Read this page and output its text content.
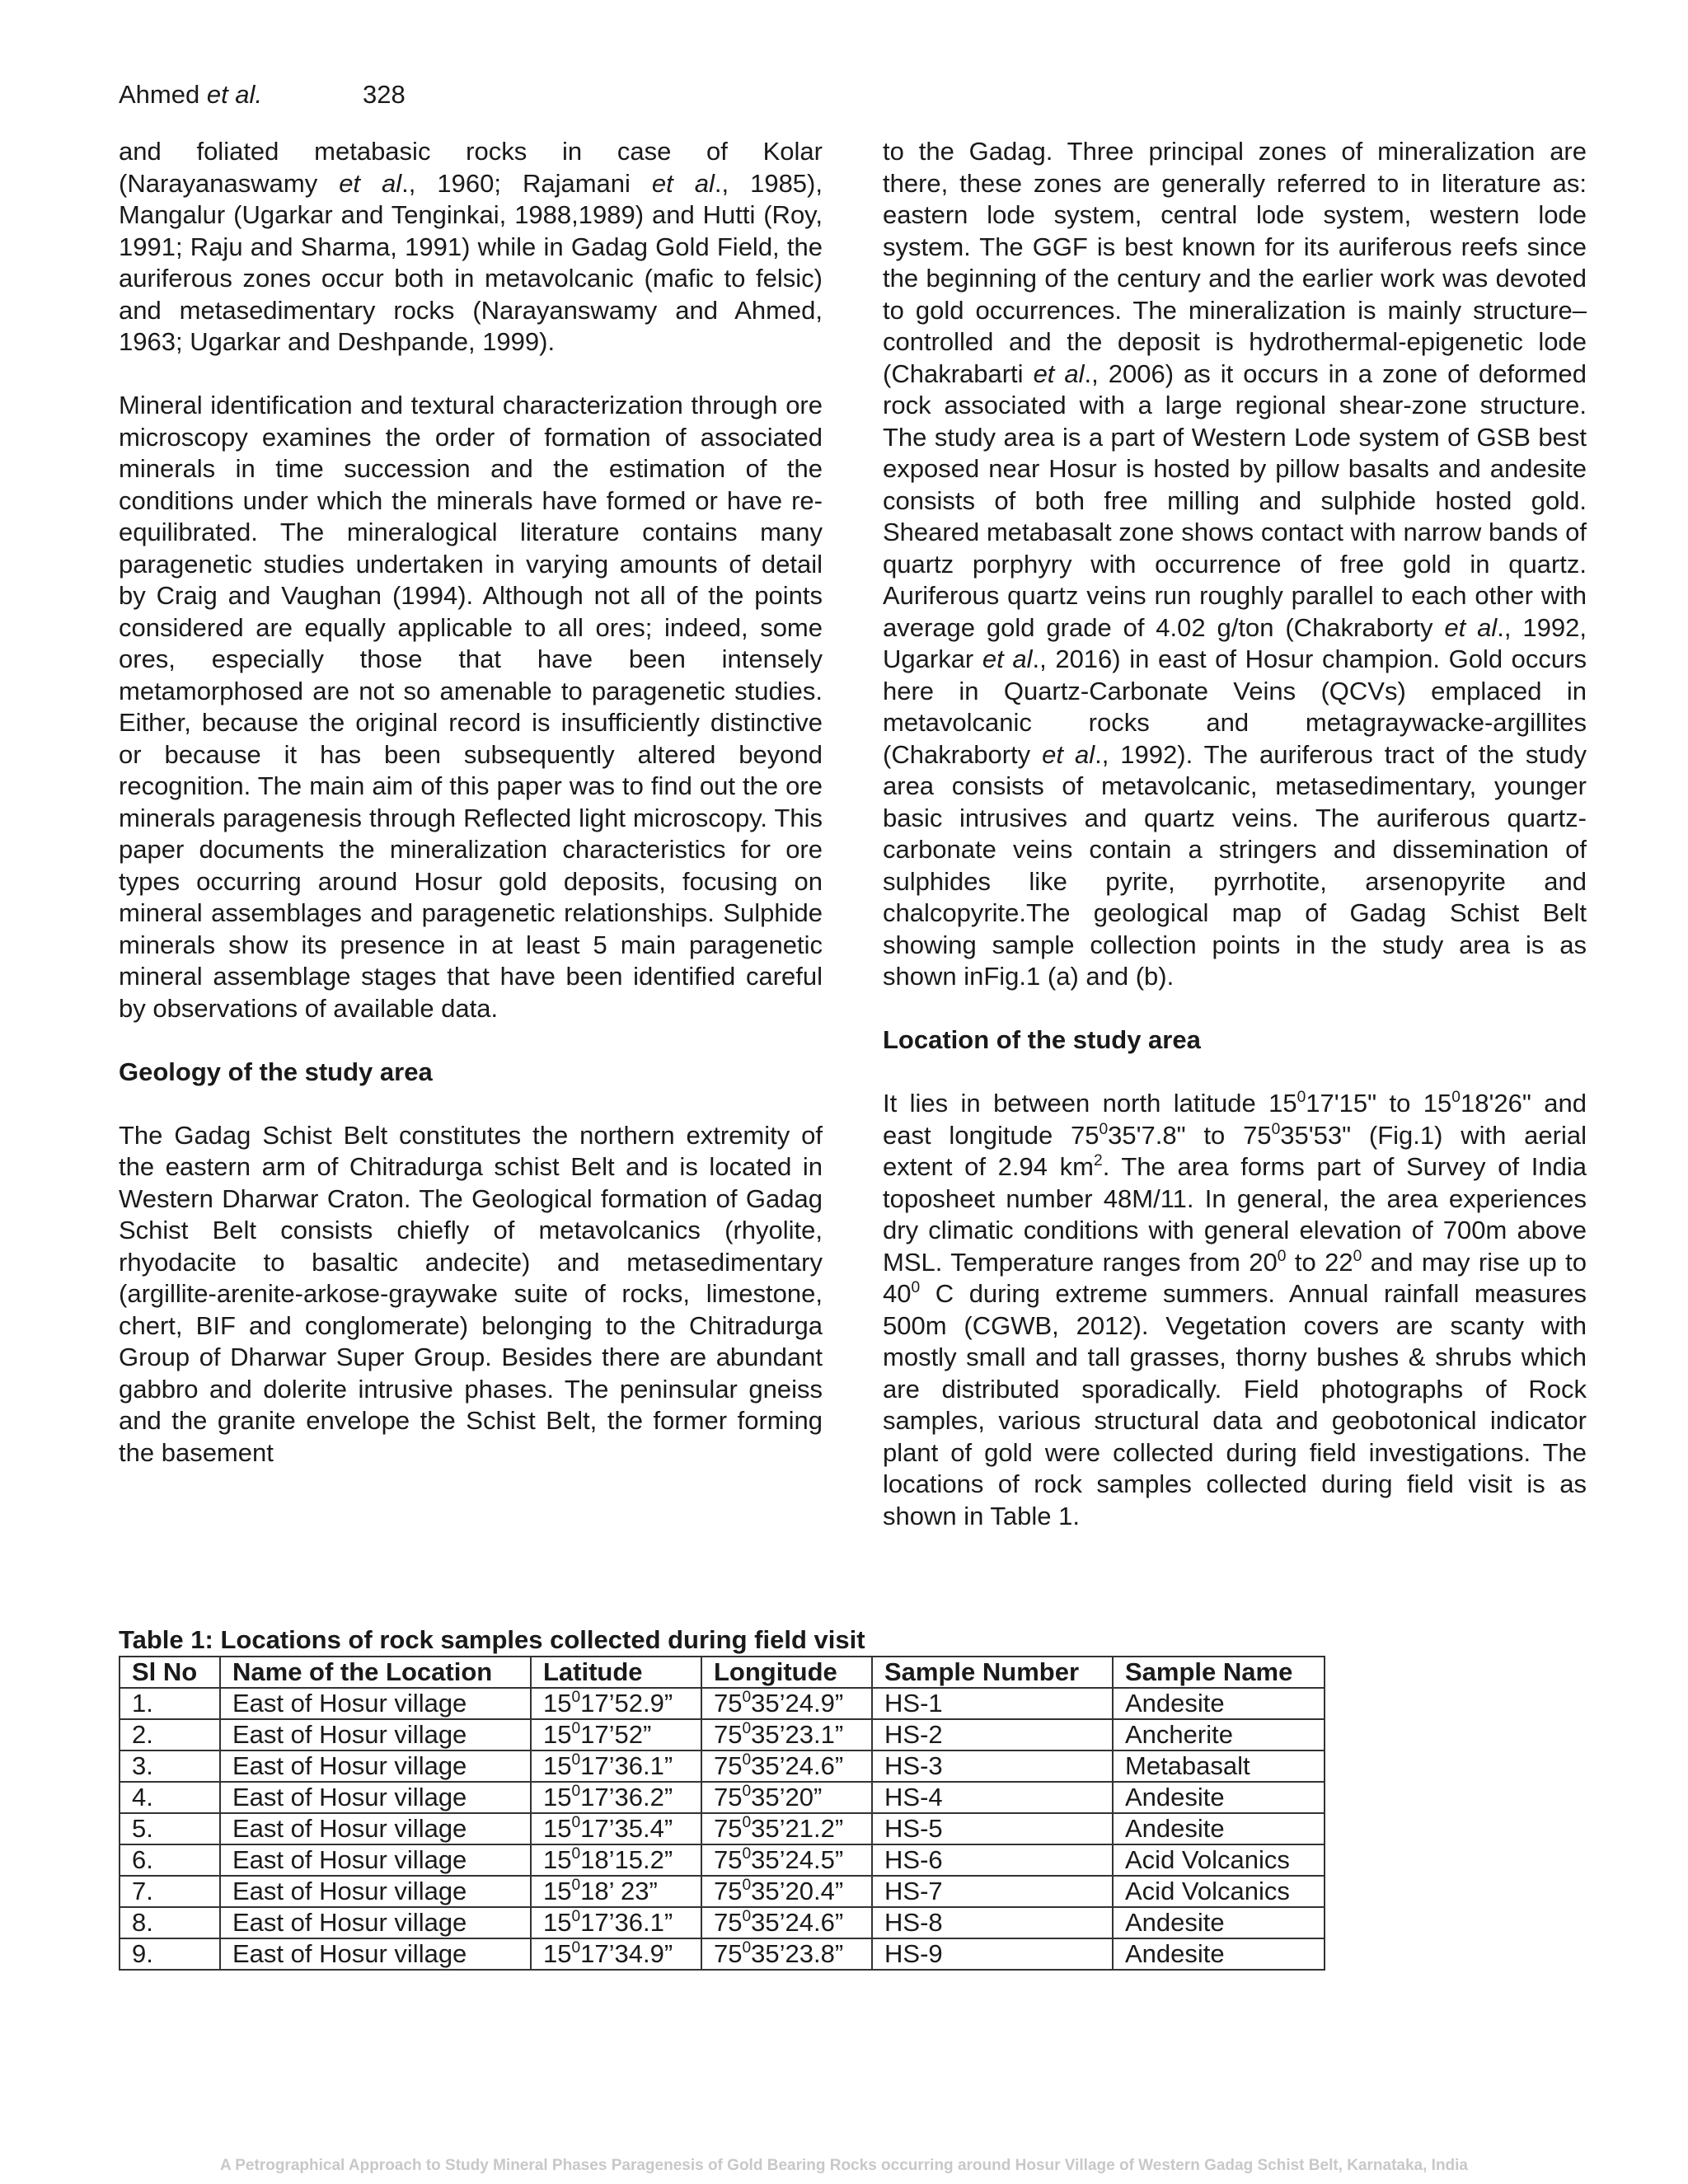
Ahmed et al.	328

and foliated metabasic rocks in case of Kolar (Narayanaswamy et al., 1960; Rajamani et al., 1985), Mangalur (Ugarkar and Tenginkai, 1988,1989) and Hutti (Roy, 1991; Raju and Sharma, 1991) while in Gadag Gold Field, the auriferous zones occur both in metavolcanic (mafic to felsic) and metasedimentary rocks (Narayanswamy and Ahmed, 1963; Ugarkar and Deshpande, 1999).

Mineral identification and textural characterization through ore microscopy examines the order of formation of associated minerals in time succession and the estimation of the conditions under which the minerals have formed or have re-equilibrated. The mineralogical literature contains many paragenetic studies undertaken in varying amounts of detail by Craig and Vaughan (1994). Although not all of the points considered are equally applicable to all ores; indeed, some ores, especially those that have been intensely metamorphosed are not so amenable to paragenetic studies. Either, because the original record is insufficiently distinctive or because it has been subsequently altered beyond recognition. The main aim of this paper was to find out the ore minerals paragenesis through Reflected light microscopy. This paper documents the mineralization characteristics for ore types occurring around Hosur gold deposits, focusing on mineral assemblages and paragenetic relationships. Sulphide minerals show its presence in at least 5 main paragenetic mineral assemblage stages that have been identified careful by observations of available data.

Geology of the study area

The Gadag Schist Belt constitutes the northern extremity of the eastern arm of Chitradurga schist Belt and is located in Western Dharwar Craton. The Geological formation of Gadag Schist Belt consists chiefly of metavolcanics (rhyolite, rhyodacite to basaltic andecite) and metasedimentary (argillite-arenite-arkose-graywake suite of rocks, limestone, chert, BIF and conglomerate) belonging to the Chitradurga Group of Dharwar Super Group. Besides there are abundant gabbro and dolerite intrusive phases. The peninsular gneiss and the granite envelope the Schist Belt, the former forming the basement

to the Gadag. Three principal zones of mineralization are there, these zones are generally referred to in literature as: eastern lode system, central lode system, western lode system. The GGF is best known for its auriferous reefs since the beginning of the century and the earlier work was devoted to gold occurrences. The mineralization is mainly structure–controlled and the deposit is hydrothermal-epigenetic lode (Chakrabarti et al., 2006) as it occurs in a zone of deformed rock associated with a large regional shear-zone structure. The study area is a part of Western Lode system of GSB best exposed near Hosur is hosted by pillow basalts and andesite consists of both free milling and sulphide hosted gold. Sheared metabasalt zone shows contact with narrow bands of quartz porphyry with occurrence of free gold in quartz. Auriferous quartz veins run roughly parallel to each other with average gold grade of 4.02 g/ton (Chakraborty et al., 1992, Ugarkar et al., 2016) in east of Hosur champion. Gold occurs here in Quartz-Carbonate Veins (QCVs) emplaced in metavolcanic rocks and metagraywacke-argillites (Chakraborty et al., 1992). The auriferous tract of the study area consists of metavolcanic, metasedimentary, younger basic intrusives and quartz veins. The auriferous quartz-carbonate veins contain a stringers and dissemination of sulphides like pyrite, pyrrhotite, arsenopyrite and chalcopyrite.The geological map of Gadag Schist Belt showing sample collection points in the study area is as shown inFig.1 (a) and (b).

Location of the study area

It lies in between north latitude $15^017'15$" to $15^018'26$" and east longitude $75^035'7.8$" to $75^035'53$" (Fig.1) with aerial extent of 2.94 $km^2$. The area forms part of Survey of India toposheet number 48M/11. In general, the area experiences dry climatic conditions with general elevation of 700m above MSL. Temperature ranges from $20^0$ to $22^0$ and may rise up to $40^0$ C during extreme summers. Annual rainfall measures 500m (CGWB, 2012). Vegetation covers are scanty with mostly small and tall grasses, thorny bushes & shrubs which are distributed sporadically. Field photographs of Rock samples, various structural data and geobotonical indicator plant of gold were collected during field investigations. The locations of rock samples collected during field visit is as shown in Table 1.

Table 1: Locations of rock samples collected during field visit

Sl No	Name of the Location	Latitude	Longitude	Sample Number	Sample Name
1.	East of Hosur village	$15^017’52.9$”	$75^035’24.9$”	HS-1	Andesite
2.	East of Hosur village	$15^017’52$”	$75^035’23.1$”	HS-2	Ancherite
3.	East of Hosur village	$15^017’36.1$”	$75^035’24.6$”	HS-3	Metabasalt
4.	East of Hosur village	$15^017’36.2$”	$75^035’20$”	HS-4	Andesite
5.	East of Hosur village	$15^017’35.4$”	$75^035’21.2$”	HS-5	Andesite
6.	East of Hosur village	$15^018’15.2$”	$75^035’24.5$”	HS-6	Acid Volcanics
7.	East of Hosur village	$15^018$’ 23”	$75^035’20.4$”	HS-7	Acid Volcanics
8.	East of Hosur village	$15^017’36.1$”	$75^035’24.6$”	HS-8	Andesite
9.	East of Hosur village	$15^017’34.9$”	$75^035’23.8$”	HS-9	Andesite
A Petrographical Approach to Study Mineral Phases Paragenesis of Gold Bearing Rocks occurring around Hosur Village of Western Gadag Schist Belt, Karnataka, India
